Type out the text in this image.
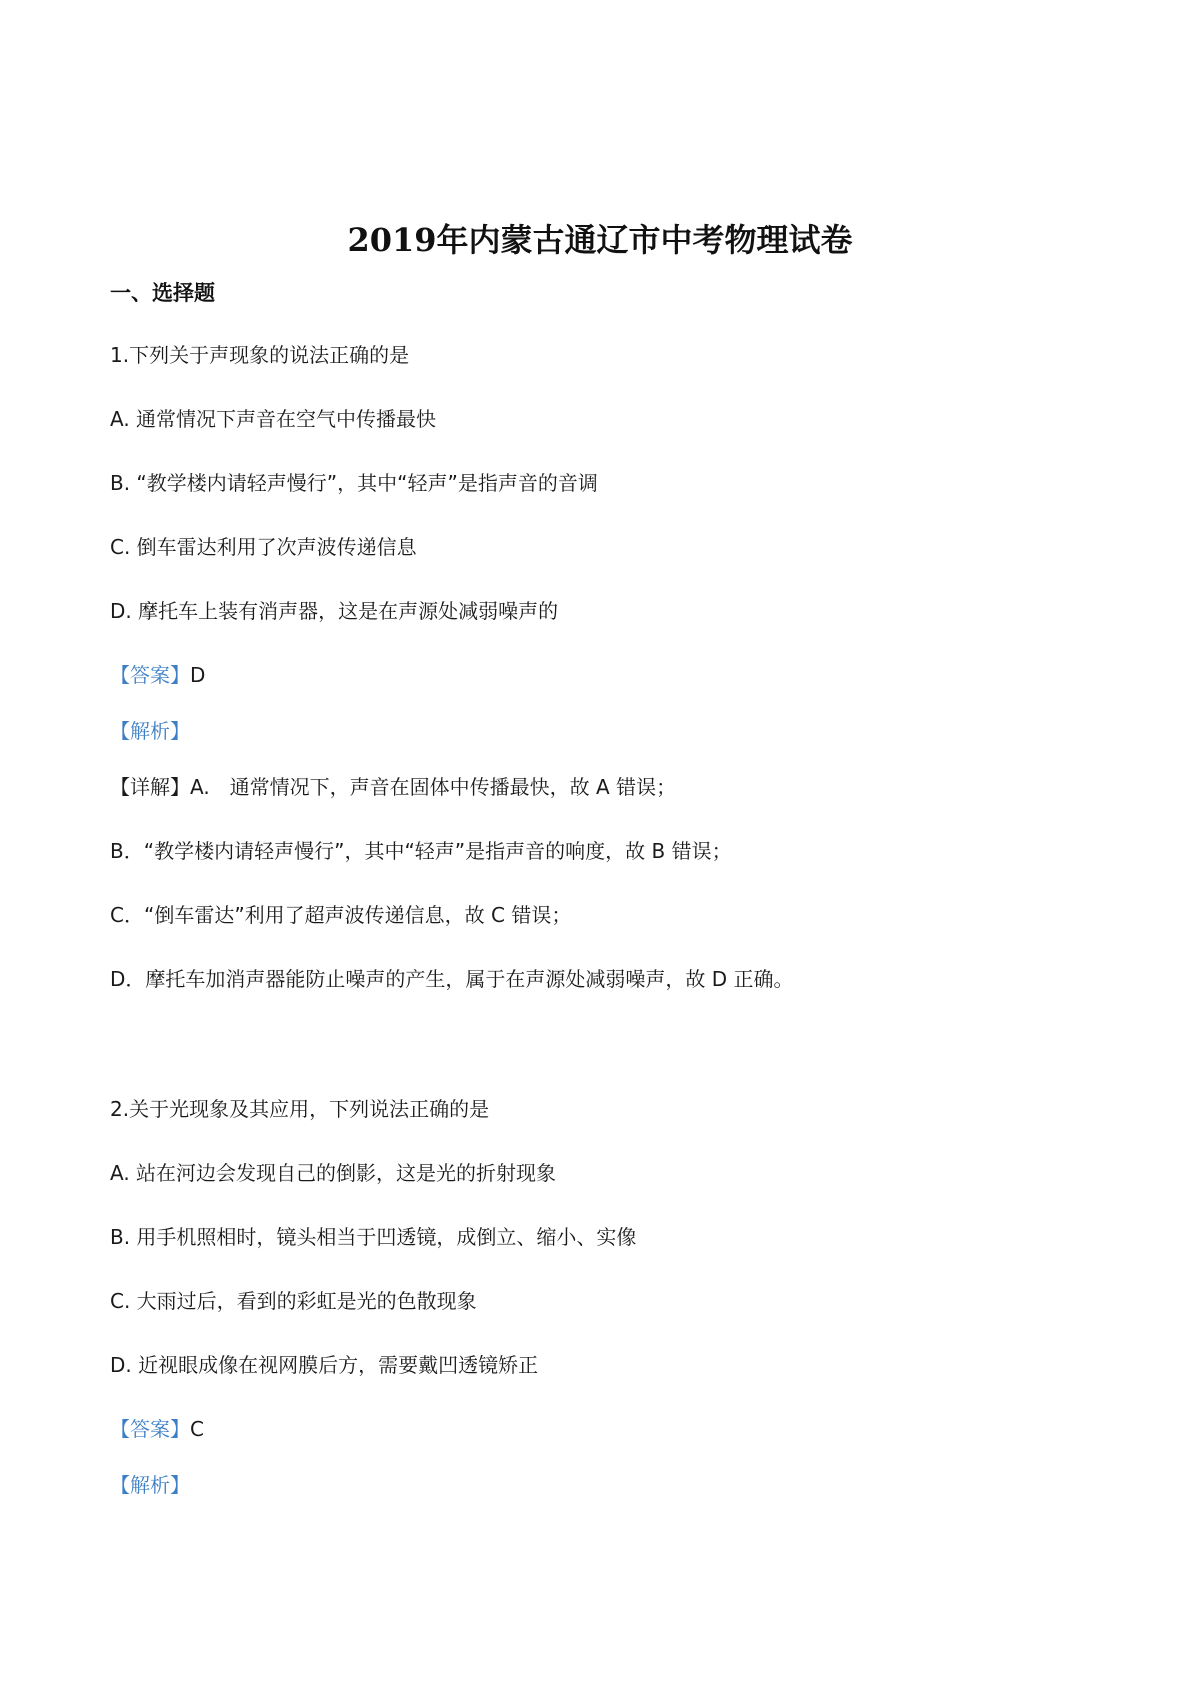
2019年内蒙古通辽市中考物理试卷
一、选择题
1.下列关于声现象的说法正确的是
A. 通常情况下声音在空气中传播最快
B. “教学楼内请轻声慢行”，其中“轻声”是指声音的音调
C. 倒车雷达利用了次声波传递信息
D. 摩托车上装有消声器，这是在声源处减弱噪声的
【答案】D
【解析】
【详解】A.　通常情况下，声音在固体中传播最快，故 A 错误；
B．“教学楼内请轻声慢行”，其中“轻声”是指声音的响度，故 B 错误；
C．“倒车雷达”利用了超声波传递信息，故 C 错误；
D．摩托车加消声器能防止噪声的产生，属于在声源处减弱噪声，故 D 正确。
2.关于光现象及其应用，下列说法正确的是
A. 站在河边会发现自己的倒影，这是光的折射现象
B. 用手机照相时，镜头相当于凹透镜，成倒立、缩小、实像
C. 大雨过后，看到的彩虹是光的色散现象
D. 近视眼成像在视网膜后方，需要戴凹透镜矫正
【答案】C
【解析】
